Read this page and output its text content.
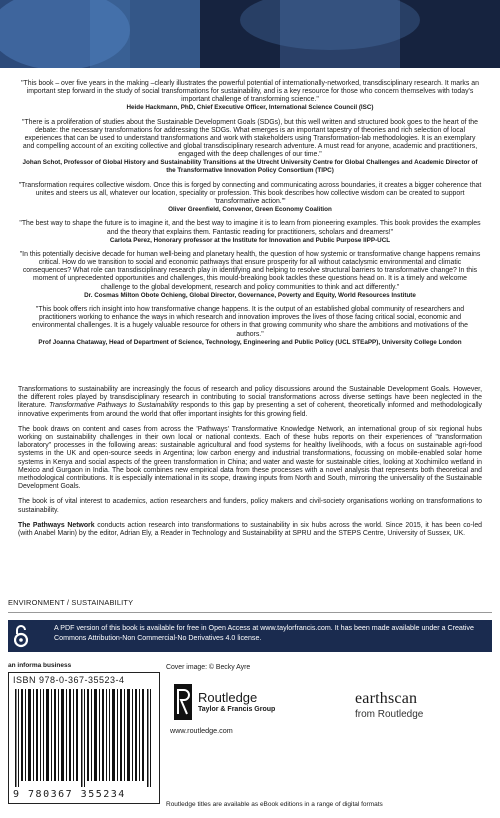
"This book – over five years in the making –clearly illustrates the powerful potential of internationally-networked, transdisciplinary research. It marks an important step forward in the study of social transformations for sustainability, and is a key resource for those who concern themselves with today's important challenge of transforming science."
Heide Hackmann, PhD, Chief Executive Officer, International Science Council (ISC)
"There is a proliferation of studies about the Sustainable Development Goals (SDGs), but this well written and structured book goes to the heart of the debate: the necessary transformations for addressing the SDGs. What emerges is an important tapestry of theories and rich selection of local experiences that can be used to understand transformations and work with stakeholders using Transformation-lab methodologies. It is an exemplary and compelling account of an exciting collective and global transdisciplinary research adventure. A must read for anyone, academic and practitioners, engaged with the deep challenges of our time."
Johan Schot, Professor of Global History and Sustainability Transitions at the Utrecht University Centre for Global Challenges and Academic Director of the Transformative Innovation Policy Consortium (TIPC)
"Transformation requires collective wisdom. Once this is forged by connecting and communicating across boundaries, it creates a bigger coherence that unites and steers us all, whatever our location, speciality or profession. This book describes how collective wisdom can be created to support 'transformative action.'"
Oliver Greenfield, Convenor, Green Economy Coalition
"The best way to shape the future is to imagine it, and the best way to imagine it is to learn from pioneering examples. This book provides the examples and the theory that explains them. Fantastic reading for practitioners, scholars and dreamers!"
Carlota Perez, Honorary professor at the Institute for Innovation and Public Purpose IIPP-UCL
"In this potentially decisive decade for human well-being and planetary health, the question of how systemic or transformative change happens remains critical. How do we transition to social and economic pathways that ensure prosperity for all without cataclysmic environmental and climatic consequences? What role can transdisciplinary research play in identifying and helping to resolve structural barriers to transformative change? In this moment of unprecedented opportunities and challenges, this mould-breaking book tackles these questions head on. It is a timely and welcome challenge to the global development, research and policy communities to think and act differently."
Dr. Cosmas Milton Obote Ochieng, Global Director, Governance, Poverty and Equity, World Resources Institute
"This book offers rich insight into how transformative change happens. It is the output of an established global community of researchers and practitioners working to enhance the ways in which research and innovation improves the lives of those facing critical social, economic and environmental challenges. It is a hugely valuable resource for others in that growing community who share the ambitions and motivations of the authors."
Prof Joanna Chataway, Head of Department of Science, Technology, Engineering and Public Policy (UCL STEaPP), University College London

Transformations to sustainability are increasingly the focus of research and policy discussions around the Sustainable Development Goals. However, the different roles played by transdisciplinary research in contributing to social transformations across diverse settings have been neglected in the literature. Transformative Pathways to Sustainability responds to this gap by presenting a set of coherent, theoretically informed and methodologically innovative experiments from around the world that offer important insights for this growing field.

The book draws on content and cases from across the 'Pathways' Transformative Knowledge Network, an international group of six regional hubs working on sustainability challenges in their own local or national contexts. Each of these hubs reports on their experiences of "transformation laboratory" processes in the following areas: sustainable agricultural and food systems for healthy livelihoods, with a focus on sustainable agri-food systems in the UK and open-source seeds in Argentina; low carbon energy and industrial transformations, focussing on mobile-enabled solar home systems in Kenya and social aspects of the green transformation in China; and water and waste for sustainable cities, looking at Xochimilco wetland in Mexico and Gurgaon in India. The book combines new empirical data from these processes with a novel analysis that represents both theoretical and methodological contributions. It is especially international in its scope, drawing inputs from North and South, mirroring the universality of the Sustainable Development Goals.

The book is of vital interest to academics, action researchers and funders, policy makers and civil-society organisations working on transformations to sustainability.

The Pathways Network conducts action research into transformations to sustainability in six hubs across the world. Since 2015, it has been co-led (with Anabel Marin) by the editor, Adrian Ely, a Reader in Technology and Sustainability at SPRU and the STEPS Centre, University of Sussex, UK.

ENVIRONMENT / SUSTAINABILITY
A PDF version of this book is available for free in Open Access at www.taylorfrancis.com. It has been made available under a Creative Commons Attribution-Non Commercial-No Derivatives 4.0 license.
an informa business
ISBN 978-0-367-35523-4
9 780367 355234
Cover image: © Becky Ayre
Routledge
Taylor & Francis Group
www.routledge.com
earthscan
from Routledge
Routledge titles are available as eBook editions in a range of digital formats
